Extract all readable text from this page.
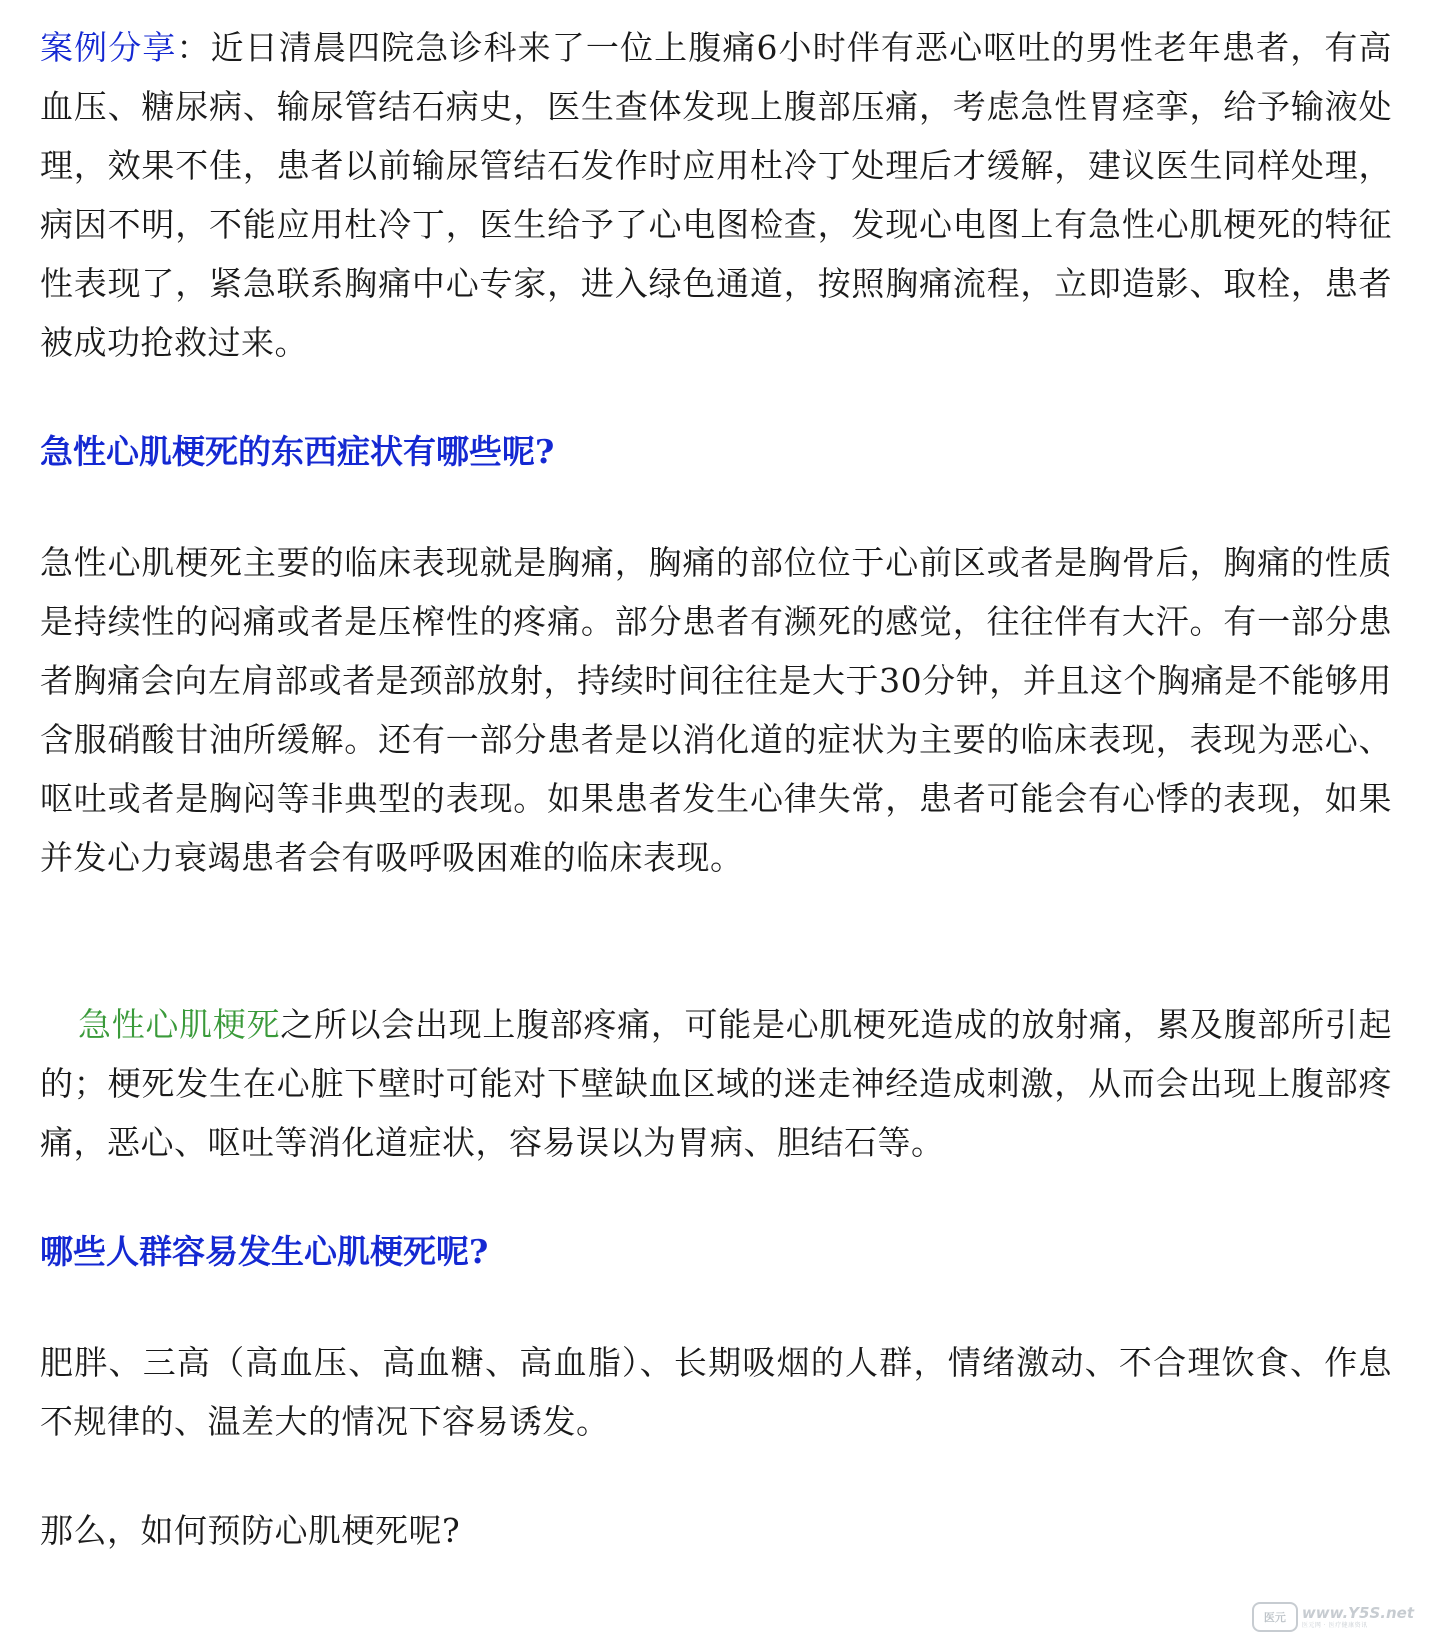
案例分享：近日清晨四院急诊科来了一位上腹痛6小时伴有恶心呕吐的男性老年患者，有高血压、糖尿病、输尿管结石病史，医生查体发现上腹部压痛，考虑急性胃痉挛，给予输液处理，效果不佳，患者以前输尿管结石发作时应用杜冷丁处理后才缓解，建议医生同样处理，病因不明，不能应用杜冷丁，医生给予了心电图检查，发现心电图上有急性心肌梗死的特征性表现了，紧急联系胸痛中心专家，进入绿色通道，按照胸痛流程，立即造影、取栓，患者被成功抢救过来。

急性心肌梗死的东西症状有哪些呢?

急性心肌梗死主要的临床表现就是胸痛，胸痛的部位位于心前区或者是胸骨后，胸痛的性质是持续性的闷痛或者是压榨性的疼痛。部分患者有濒死的感觉，往往伴有大汗。有一部分患者胸痛会向左肩部或者是颈部放射，持续时间往往是大于30分钟，并且这个胸痛是不能够用含服硝酸甘油所缓解。还有一部分患者是以消化道的症状为主要的临床表现，表现为恶心、呕吐或者是胸闷等非典型的表现。如果患者发生心律失常，患者可能会有心悸的表现，如果并发心力衰竭患者会有吸呼吸困难的临床表现。

急性心肌梗死之所以会出现上腹部疼痛，可能是心肌梗死造成的放射痛，累及腹部所引起的；梗死发生在心脏下壁时可能对下壁缺血区域的迷走神经造成刺激，从而会出现上腹部疼痛，恶心、呕吐等消化道症状，容易误以为胃病、胆结石等。

哪些人群容易发生心肌梗死呢?

肥胖、三高（高血压、高血糖、高血脂）、长期吸烟的人群，情绪激动、不合理饮食、作息不规律的、温差大的情况下容易诱发。

那么，如何预防心肌梗死呢?

医元	www.Y5S.net
医元网 · 医疗健康资讯
